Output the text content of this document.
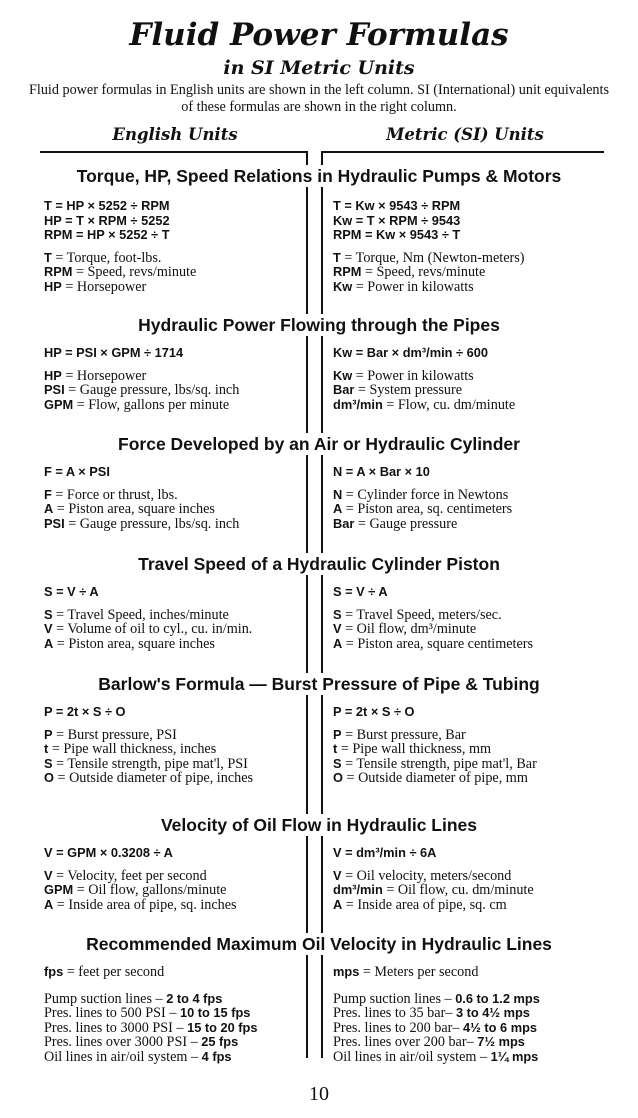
Fluid Power Formulas
in SI Metric Units
Fluid power formulas in English units are shown in the left column. SI (International) unit equivalents of these formulas are shown in the right column.
English Units	Metric (SI) Units
Torque, HP, Speed Relations in Hydraulic Pumps & Motors
T = HP × 5252 ÷ RPM
HP = T × RPM ÷ 5252
RPM = HP × 5252 ÷ T
T = Torque, foot-lbs.
RPM = Speed, revs/minute
HP = Horsepower
T = Kw × 9543 ÷ RPM
Kw = T × RPM ÷ 9543
RPM = Kw × 9543 ÷ T
T = Torque, Nm (Newton-meters)
RPM = Speed, revs/minute
Kw = Power in kilowatts
Hydraulic Power Flowing through the Pipes
HP = PSI × GPM ÷ 1714
HP = Horsepower
PSI = Gauge pressure, lbs/sq. inch
GPM = Flow, gallons per minute
Kw = Bar × dm³/min ÷ 600
Kw = Power in kilowatts
Bar = System pressure
dm³/min = Flow, cu. dm/minute
Force Developed by an Air or Hydraulic Cylinder
F = A × PSI
F = Force or thrust, lbs.
A = Piston area, square inches
PSI = Gauge pressure, lbs/sq. inch
N = A × Bar × 10
N = Cylinder force in Newtons
A = Piston area, sq. centimeters
Bar = Gauge pressure
Travel Speed of a Hydraulic Cylinder Piston
S = V ÷ A
S = Travel Speed, inches/minute
V = Volume of oil to cyl., cu. in/min.
A = Piston area, square inches
S = V ÷ A
S = Travel Speed, meters/sec.
V = Oil flow, dm³/minute
A = Piston area, square centimeters
Barlow's Formula — Burst Pressure of Pipe & Tubing
P = 2t × S ÷ O
P = Burst pressure, PSI
t = Pipe wall thickness, inches
S = Tensile strength, pipe mat'l, PSI
O = Outside diameter of pipe, inches
P = 2t × S ÷ O
P = Burst pressure, Bar
t = Pipe wall thickness, mm
S = Tensile strength, pipe mat'l, Bar
O = Outside diameter of pipe, mm
Velocity of Oil Flow in Hydraulic Lines
V = GPM × 0.3208 ÷ A
V = Velocity, feet per second
GPM = Oil flow, gallons/minute
A = Inside area of pipe, sq. inches
V = dm³/min ÷ 6A
V = Oil velocity, meters/second
dm³/min = Oil flow, cu. dm/minute
A = Inside area of pipe, sq. cm
Recommended Maximum Oil Velocity in Hydraulic Lines
fps = feet per second
Pump suction lines – 2 to 4 fps
Pres. lines to 500 PSI – 10 to 15 fps
Pres. lines to 3000 PSI – 15 to 20 fps
Pres. lines over 3000 PSI – 25 fps
Oil lines in air/oil system – 4 fps
mps = Meters per second
Pump suction lines – 0.6 to 1.2 mps
Pres. lines to 35 bar– 3 to 4½ mps
Pres. lines to 200 bar– 4½ to 6 mps
Pres. lines over 200 bar– 7½ mps
Oil lines in air/oil system – 1¼ mps
10
